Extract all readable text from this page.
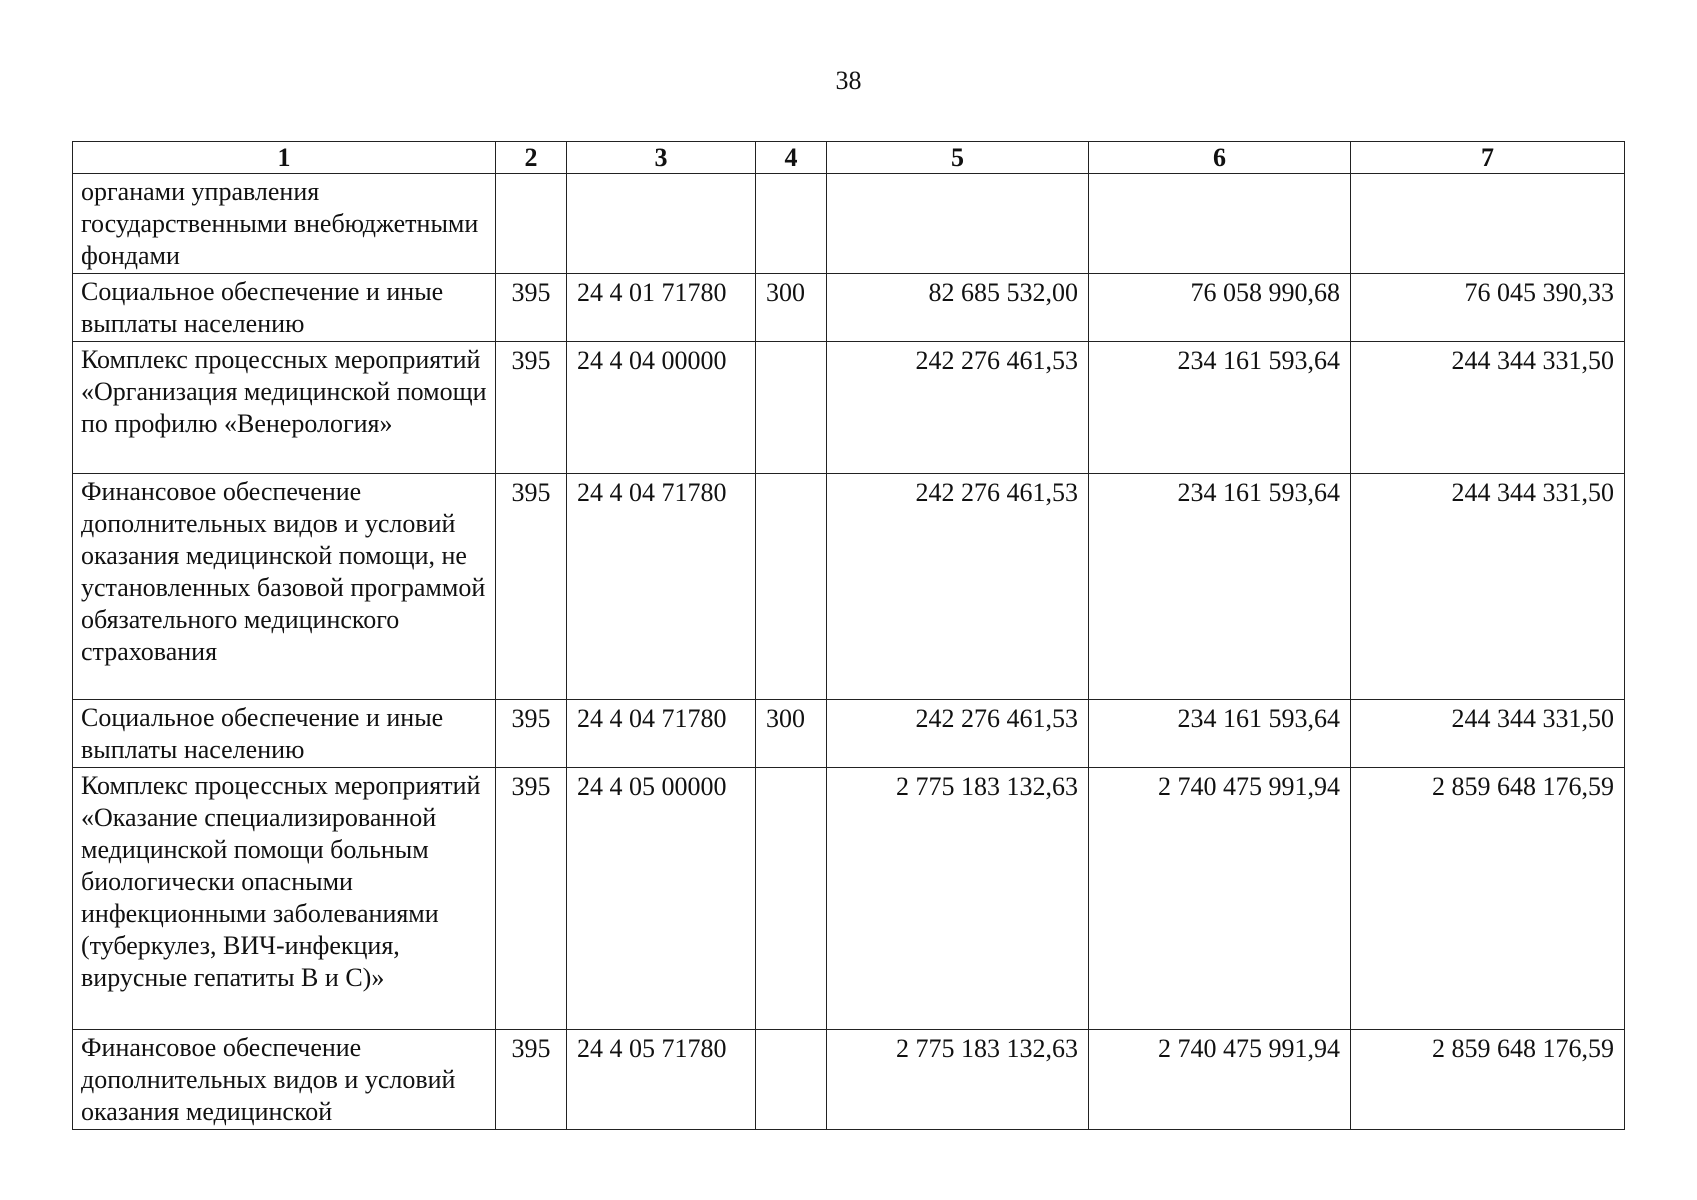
38
1	2	3	4	5	6	7
органами управления государственными внебюджетными фондами						
Социальное обеспечение и иные выплаты населению	395	24 4 01 71780	300	82 685 532,00	76 058 990,68	76 045 390,33
Комплекс процессных мероприятий «Организация медицинской помощи по профилю «Венерология»	395	24 4 04 00000		242 276 461,53	234 161 593,64	244 344 331,50
Финансовое обеспечение дополнительных видов и условий оказания медицинской помощи, не установленных базовой программой обязательного медицинского страхования	395	24 4 04 71780		242 276 461,53	234 161 593,64	244 344 331,50
Социальное обеспечение и иные выплаты населению	395	24 4 04 71780	300	242 276 461,53	234 161 593,64	244 344 331,50
Комплекс процессных мероприятий «Оказание специализированной медицинской помощи больным биологически опасными инфекционными заболеваниями (туберкулез, ВИЧ-инфекция, вирусные гепатиты В и С)»	395	24 4 05 00000		2 775 183 132,63	2 740 475 991,94	2 859 648 176,59
Финансовое обеспечение дополнительных видов и условий оказания медицинской	395	24 4 05 71780		2 775 183 132,63	2 740 475 991,94	2 859 648 176,59
